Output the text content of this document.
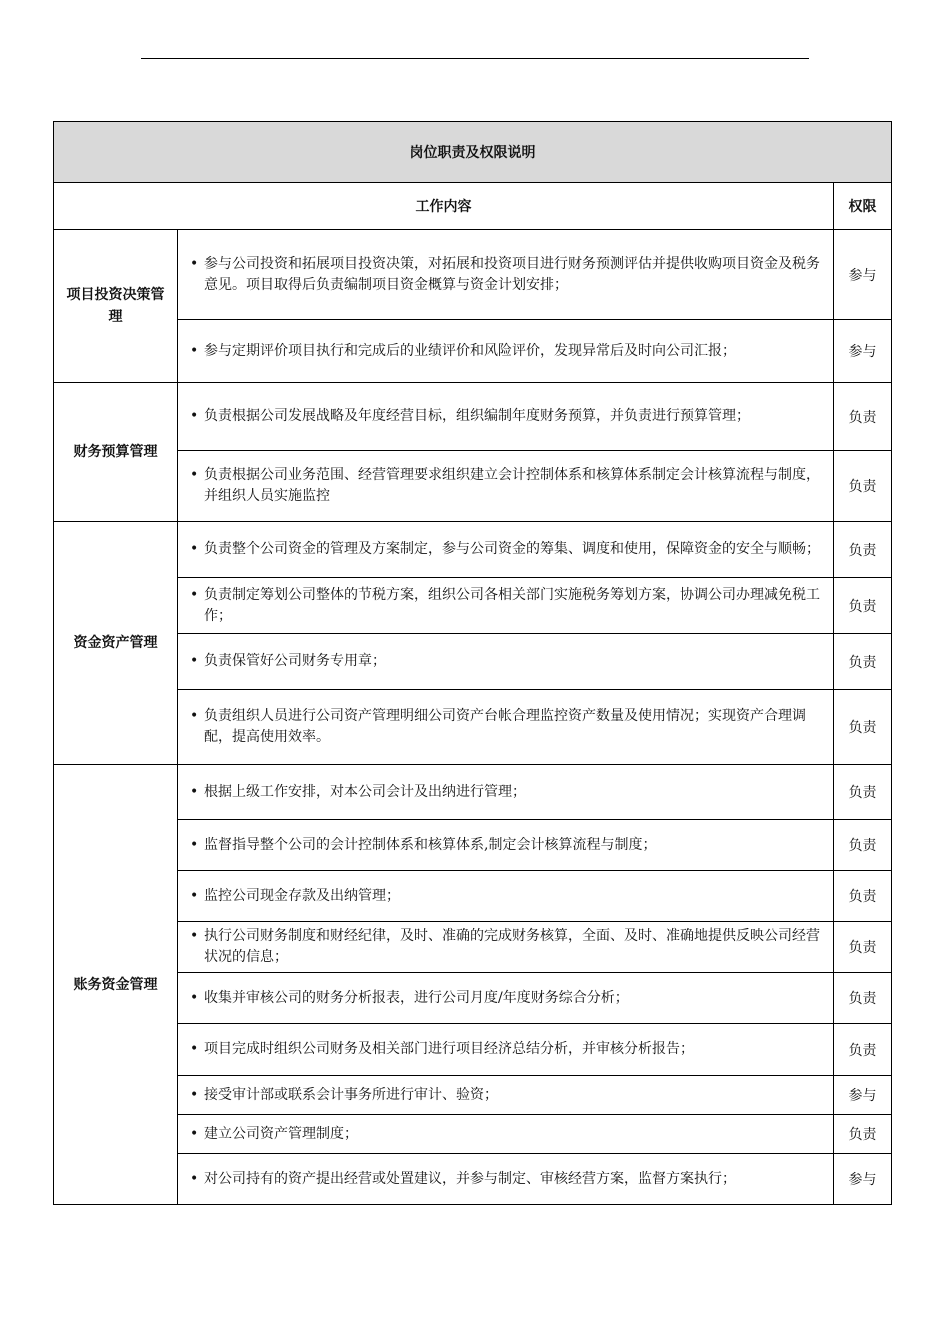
岗位职责及权限说明		
工作内容		权限
项目投资决策管理	• 参与公司投资和拓展项目投资决策，对拓展和投资项目进行财务预测评估并提供收购项目资金及税务意见。项目取得后负责编制项目资金概算与资金计划安排；	参与

	• 参与定期评价项目执行和完成后的业绩评价和风险评价，发现异常后及时向公司汇报；	参与
财务预算管理	• 负责根据公司发展战略及年度经营目标，组织编制年度财务预算，并负责进行预算管理；	负责

	• 负责根据公司业务范围、经营管理要求组织建立会计控制体系和核算体系制定会计核算流程与制度，并组织人员实施监控	负责
资金资产管理	• 负责整个公司资金的管理及方案制定，参与公司资金的筹集、调度和使用，保障资金的安全与顺畅；	负责

	• 负责制定筹划公司整体的节税方案，组织公司各相关部门实施税务筹划方案，协调公司办理减免税工作；	负责

	• 负责保管好公司财务专用章；	负责

	• 负责组织人员进行公司资产管理明细公司资产台帐合理监控资产数量及使用情况；实现资产合理调配，提高使用效率。	负责
账务资金管理	• 根据上级工作安排，对本公司会计及出纳进行管理；	负责

	• 监督指导整个公司的会计控制体系和核算体系,制定会计核算流程与制度；	负责

	• 监控公司现金存款及出纳管理；	负责

	• 执行公司财务制度和财经纪律，及时、准确的完成财务核算，全面、及时、准确地提供反映公司经营状况的信息；	负责

	• 收集并审核公司的财务分析报表，进行公司月度/年度财务综合分析；	负责

	• 项目完成时组织公司财务及相关部门进行项目经济总结分析，并审核分析报告；	负责

	• 接受审计部或联系会计事务所进行审计、验资；	参与

	• 建立公司资产管理制度；	负责

	• 对公司持有的资产提出经营或处置建议，并参与制定、审核经营方案，监督方案执行；	参与
